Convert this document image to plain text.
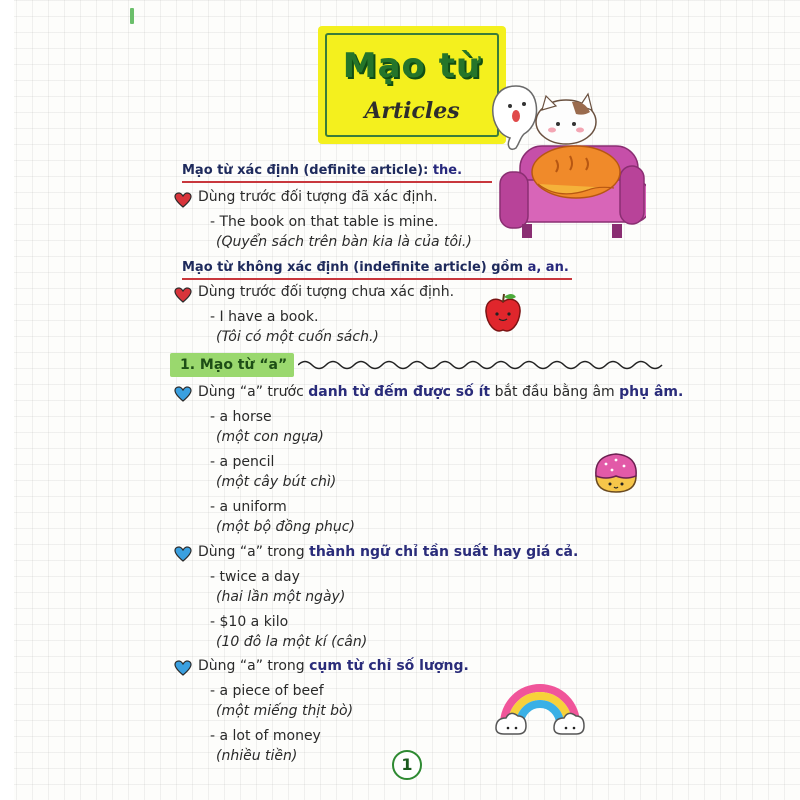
Mạo từ
Articles
Mạo từ xác định (definite article): the.
Dùng trước đối tượng đã xác định.
- The book on that table is mine.
(Quyển sách trên bàn kia là của tôi.)
Mạo từ không xác định (indefinite article) gồm a, an.
Dùng trước đối tượng chưa xác định.
- I have a book.
(Tôi có một cuốn sách.)
1. Mạo từ “a”
Dùng “a” trước danh từ đếm được số ít bắt đầu bằng âm phụ âm.
- a horse
(một con ngựa)
- a pencil
(một cây bút chì)
- a uniform
(một bộ đồng phục)
Dùng “a” trong thành ngữ chỉ tần suất hay giá cả.
- twice a day
(hai lần một ngày)
- $10 a kilo
(10 đô la một kí (cân)
Dùng “a” trong cụm từ chỉ số lượng.
- a piece of beef
(một miếng thịt bò)
- a lot of money
(nhiều tiền)	1
